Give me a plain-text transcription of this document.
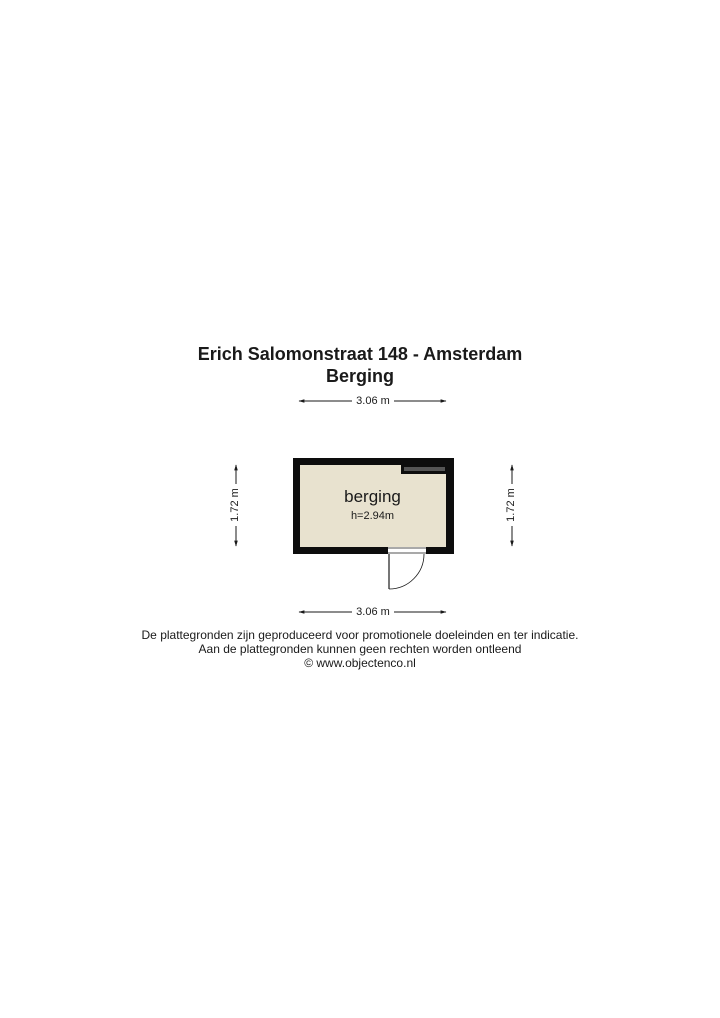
Erich Salomonstraat 148 - Amsterdam
Berging
3.06 m
3.06 m
1.72 m	1.72 m
berging
h=2.94m
De plattegronden zijn geproduceerd voor promotionele doeleinden en ter indicatie.
Aan de plattegronden kunnen geen rechten worden ontleend
© www.objectenco.nl
